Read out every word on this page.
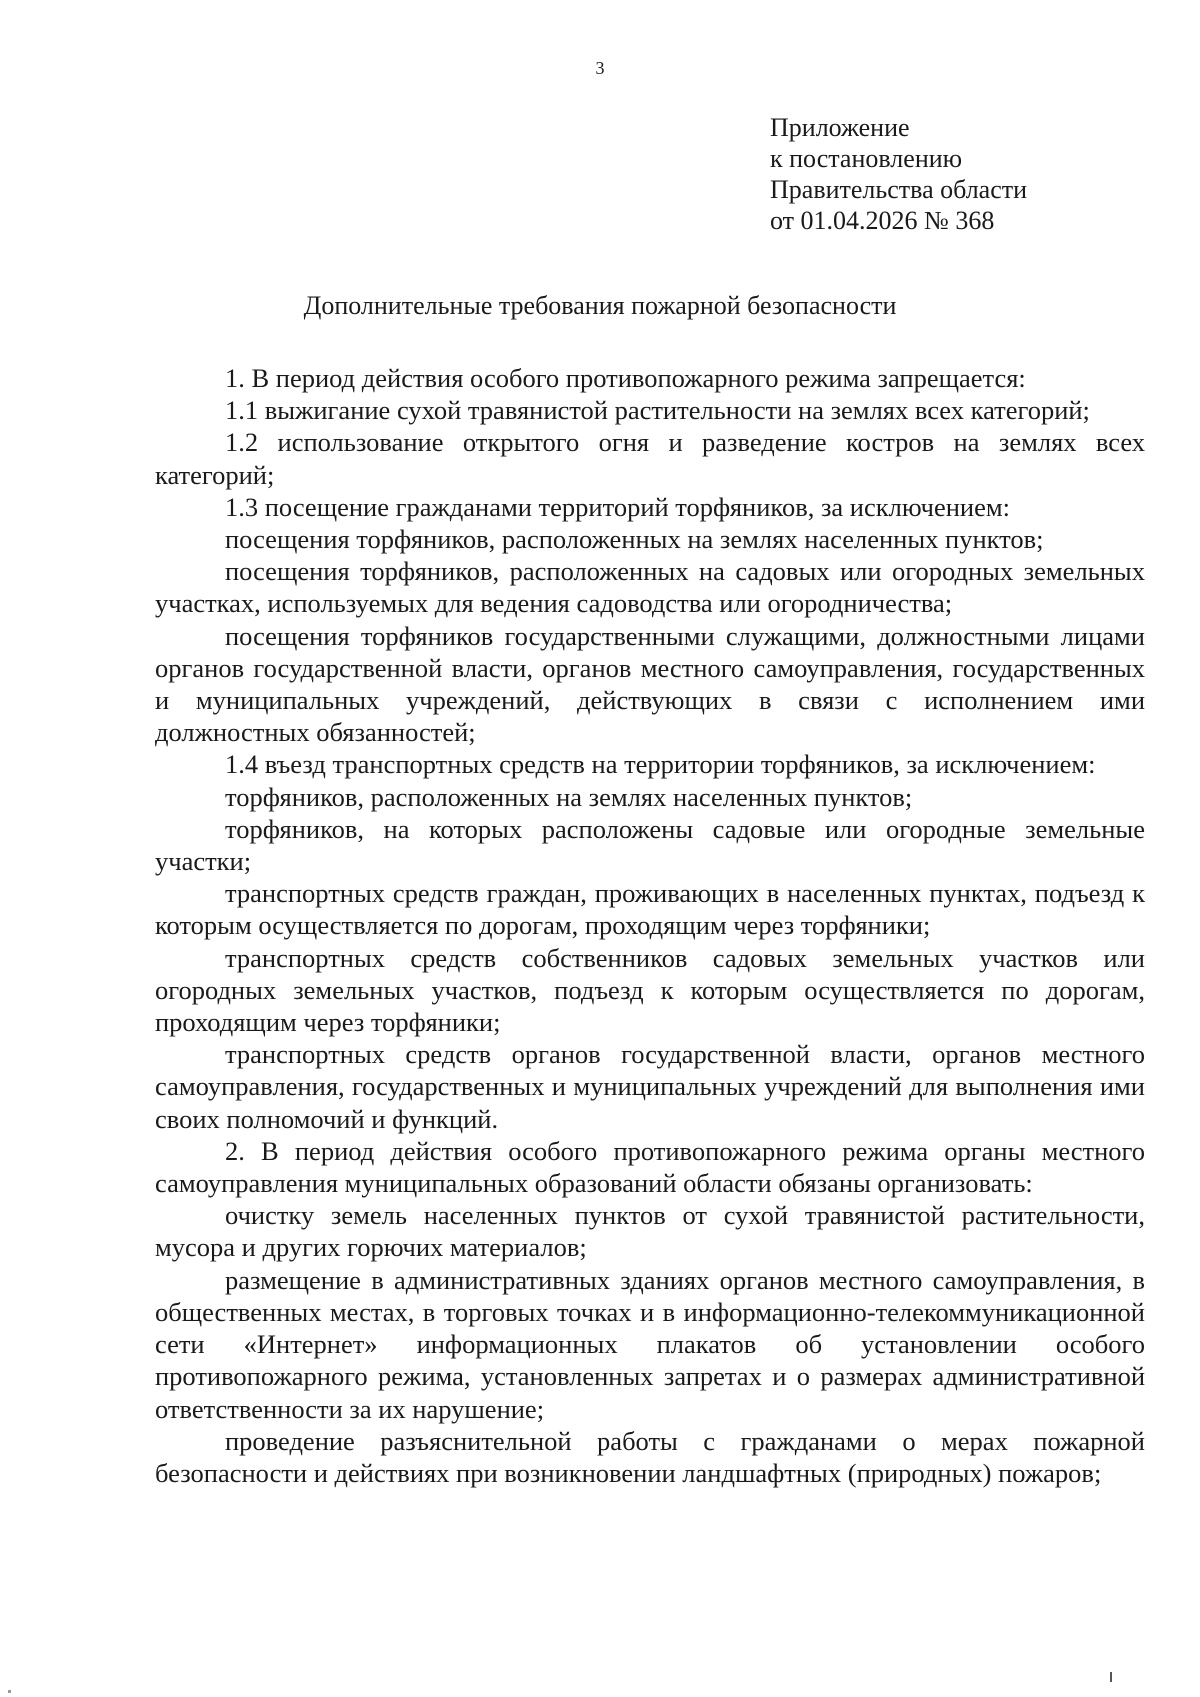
3
Приложение
к постановлению
Правительства области
от 01.04.2026 № 368
Дополнительные требования пожарной безопасности

1. В период действия особого противопожарного режима запрещается:

1.1 выжигание сухой травянистой растительности на землях всех категорий;

1.2 использование открытого огня и разведение костров на землях всех категорий;

1.3 посещение гражданами территорий торфяников, за исключением:

посещения торфяников, расположенных на землях населенных пунктов;

посещения торфяников, расположенных на садовых или огородных земельных участках, используемых для ведения садоводства или огородничества;

посещения торфяников государственными служащими, должностными лицами органов государственной власти, органов местного самоуправления, государственных и муниципальных учреждений, действующих в связи с исполнением ими должностных обязанностей;

1.4 въезд транспортных средств на территории торфяников, за исключением:

торфяников, расположенных на землях населенных пунктов;

торфяников, на которых расположены садовые или огородные земельные участки;

транспортных средств граждан, проживающих в населенных пунктах, подъезд к которым осуществляется по дорогам, проходящим через торфяники;

транспортных средств собственников садовых земельных участков или огородных земельных участков, подъезд к которым осуществляется по дорогам, проходящим через торфяники;

транспортных средств органов государственной власти, органов местного самоуправления, государственных и муниципальных учреждений для выполнения ими своих полномочий и функций.

2. В период действия особого противопожарного режима органы местного самоуправления муниципальных образований области обязаны организовать:

очистку земель населенных пунктов от сухой травянистой растительности, мусора и других горючих материалов;

размещение в административных зданиях органов местного самоуправления, в общественных местах, в торговых точках и в информационно-телекоммуникационной сети «Интернет» информационных плакатов об установлении особого противопожарного режима, установленных запретах и о размерах административной ответственности за их нарушение;

проведение разъяснительной работы с гражданами о мерах пожарной безопасности и действиях при возникновении ландшафтных (природных) пожаров;
